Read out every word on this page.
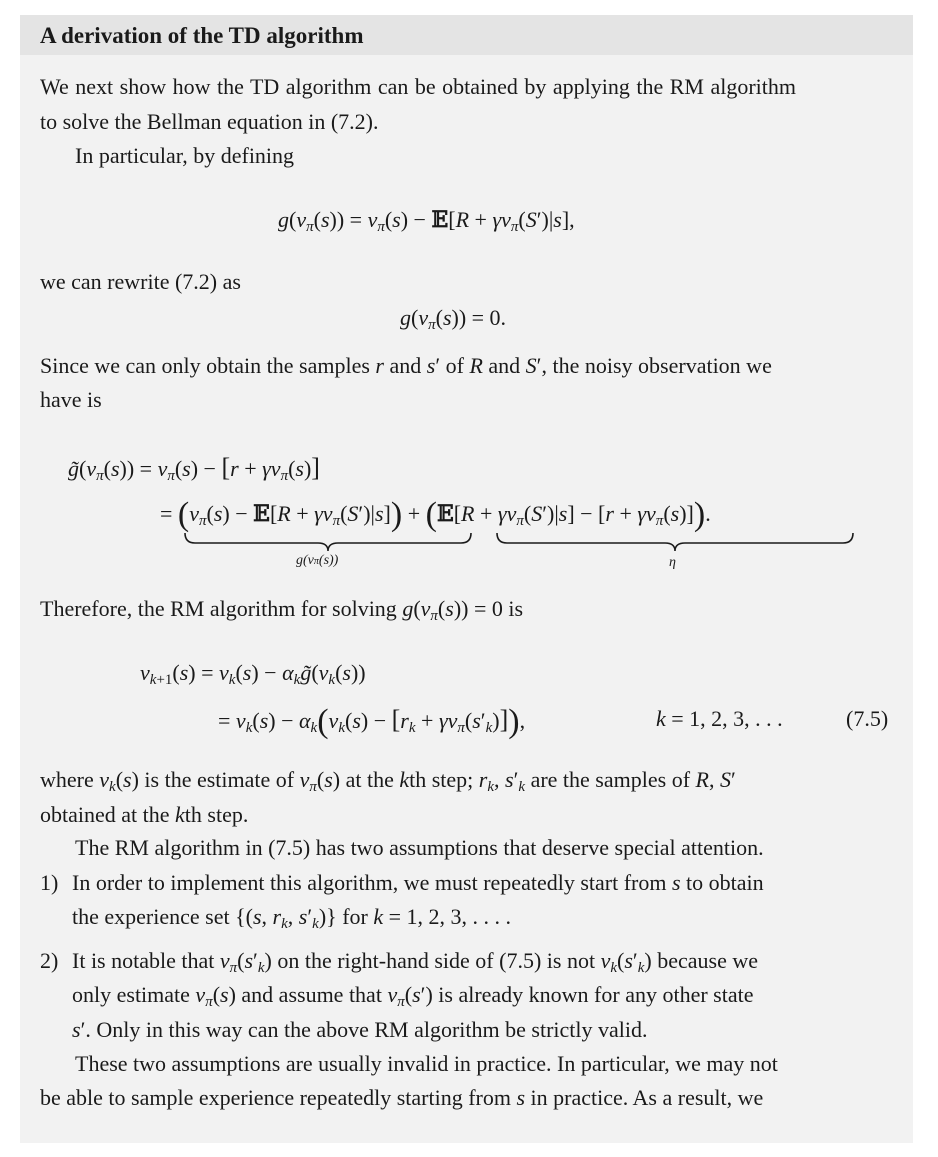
A derivation of the TD algorithm
We next show how the TD algorithm can be obtained by applying the RM algorithm
to solve the Bellman equation in (7.2).
In particular, by defining
$g(v_\pi(s)) = v_\pi(s)$ − 𝔼[R + $\gamma v_\pi(S')|s$],
we can rewrite (7.2) as
$g(v_\pi(s)) = 0$.
Since we can only obtain the samples r and s′ of R and S′, the noisy observation we
have is
$g̃(v_\pi(s)) = v_\pi(s) - [r + \gamma v_\pi(s)]$
= ($v_\pi(s)$ − 𝔼[R + $\gamma v_\pi(S')|s$]) + (𝔼[R + $\gamma v_\pi(S')|s] - [r + \gamma v_\pi(s)]$).
g(vπ(s))	η
Therefore, the RM algorithm for solving $g(v_\pi(s)) = 0$ is
$v_{k+1}(s) = v_k(s)$ − $\alpha_kg̃(v_k(s))$
= $v_k(s) - \alpha_k(v_k(s) - [r_k + \gamma v_\pi(s'_k)])$,	k = 1, 2, 3, . . .	(7.5)
where $v_k(s)$ is the estimate of $v_\pi(s)$ at the kth step; $r_k$, $s'_k$ are the samples of R, S′
obtained at the kth step.
The RM algorithm in (7.5) has two assumptions that deserve special attention.
1) In order to implement this algorithm, we must repeatedly start from s to obtain
the experience set {(s, $r_k$, $s'_k$)} for k = 1, 2, 3, . . . .
2) It is notable that $v_\pi(s'_k)$ on the right-hand side of (7.5) is not $v_k(s'_k)$ because we
only estimate $v_\pi(s)$ and assume that $v_\pi(s')$ is already known for any other state
s′. Only in this way can the above RM algorithm be strictly valid.
These two assumptions are usually invalid in practice. In particular, we may not
be able to sample experience repeatedly starting from s in practice. As a result, we
